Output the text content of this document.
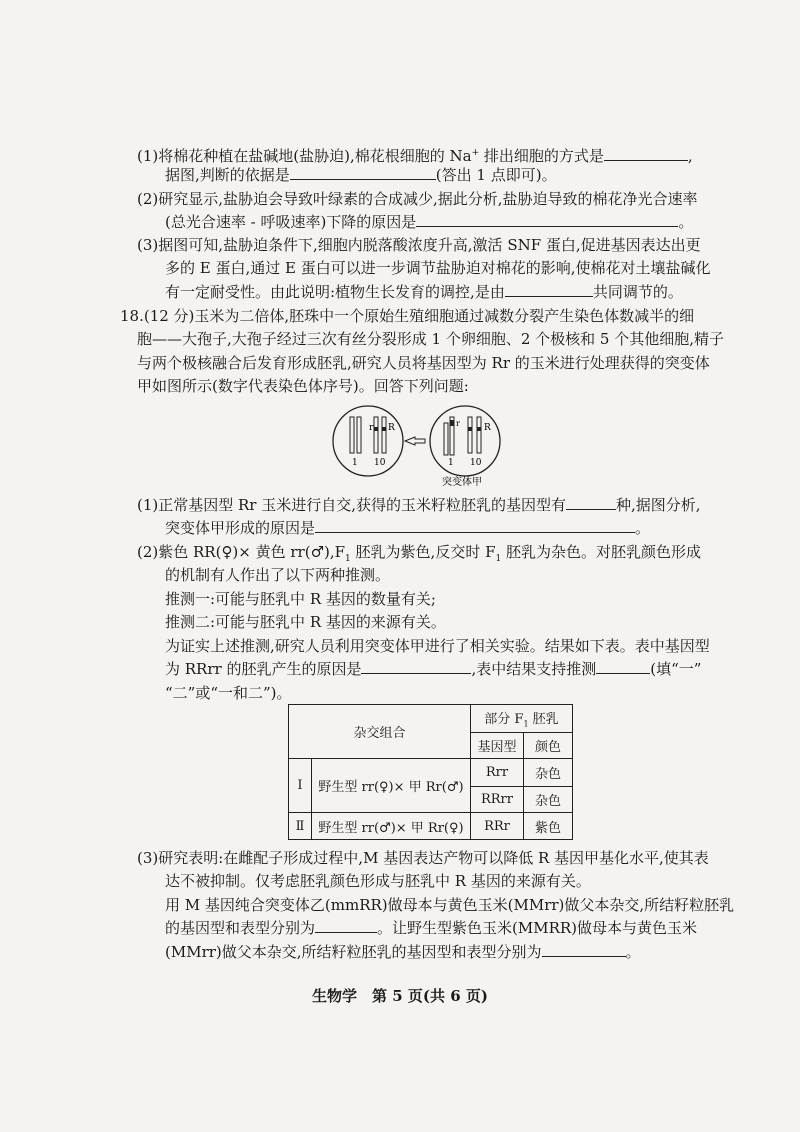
(1)将棉花种植在盐碱地(盐胁迫),棉花根细胞的 Na+ 排出细胞的方式是	,
据图,判断的依据是	(答出 1 点即可)。
(2)研究显示,盐胁迫会导致叶绿素的合成减少,据此分析,盐胁迫导致的棉花净光合速率
(总光合速率 - 呼吸速率)下降的原因是	。
(3)据图可知,盐胁迫条件下,细胞内脱落酸浓度升高,激活 SNF 蛋白,促进基因表达出更
多的 E 蛋白,通过 E 蛋白可以进一步调节盐胁迫对棉花的影响,使棉花对土壤盐碱化
有一定耐受性。由此说明:植物生长发育的调控,是由	共同调节的。
18.(12 分)玉米为二倍体,胚珠中一个原始生殖细胞通过减数分裂产生染色体数减半的细
胞——大孢子,大孢子经过三次有丝分裂形成 1 个卵细胞、2 个极核和 5 个其他细胞,精子
与两个极核融合后发育形成胚乳,研究人员将基因型为 Rr 的玉米进行处理获得的突变体
甲如图所示(数字代表染色体序号)。回答下列问题:
r R
1 10
r	R
1 10
突变体甲
(1)正常基因型 Rr 玉米进行自交,获得的玉米籽粒胚乳的基因型有	种,据图分析,
突变体甲形成的原因是	。
(2)紫色 RR(♀)× 黄色 $rr(♂),F_1$ 胚乳为紫色,反交时 $F_1$ 胚乳为杂色。对胚乳颜色形成
的机制有人作出了以下两种推测。
推测一:可能与胚乳中 R 基因的数量有关;
推测二:可能与胚乳中 R 基因的来源有关。
为证实上述推测,研究人员利用突变体甲进行了相关实验。结果如下表。表中基因型
为 RRrr 的胚乳产生的原因是	,表中结果支持推测	(填“一”
“二”或“一和二”)。
杂交组合		部分 $F_1$ 胚乳	
		基因型	颜色
Ⅰ	野生型 rr(♀)× 甲 Rr(♂)	Rrr	杂色
		RRrr	杂色
Ⅱ	野生型 rr(♂)× 甲 Rr(♀)	RRr	紫色
(3)研究表明:在雌配子形成过程中,M 基因表达产物可以降低 R 基因甲基化水平,使其表
达不被抑制。仅考虑胚乳颜色形成与胚乳中 R 基因的来源有关。
用 M 基因纯合突变体乙(mmRR)做母本与黄色玉米(MMrr)做父本杂交,所结籽粒胚乳
的基因型和表型分别为	。让野生型紫色玉米(MMRR)做母本与黄色玉米
(MMrr)做父本杂交,所结籽粒胚乳的基因型和表型分别为	。
生物学　第 5 页(共 6 页)
